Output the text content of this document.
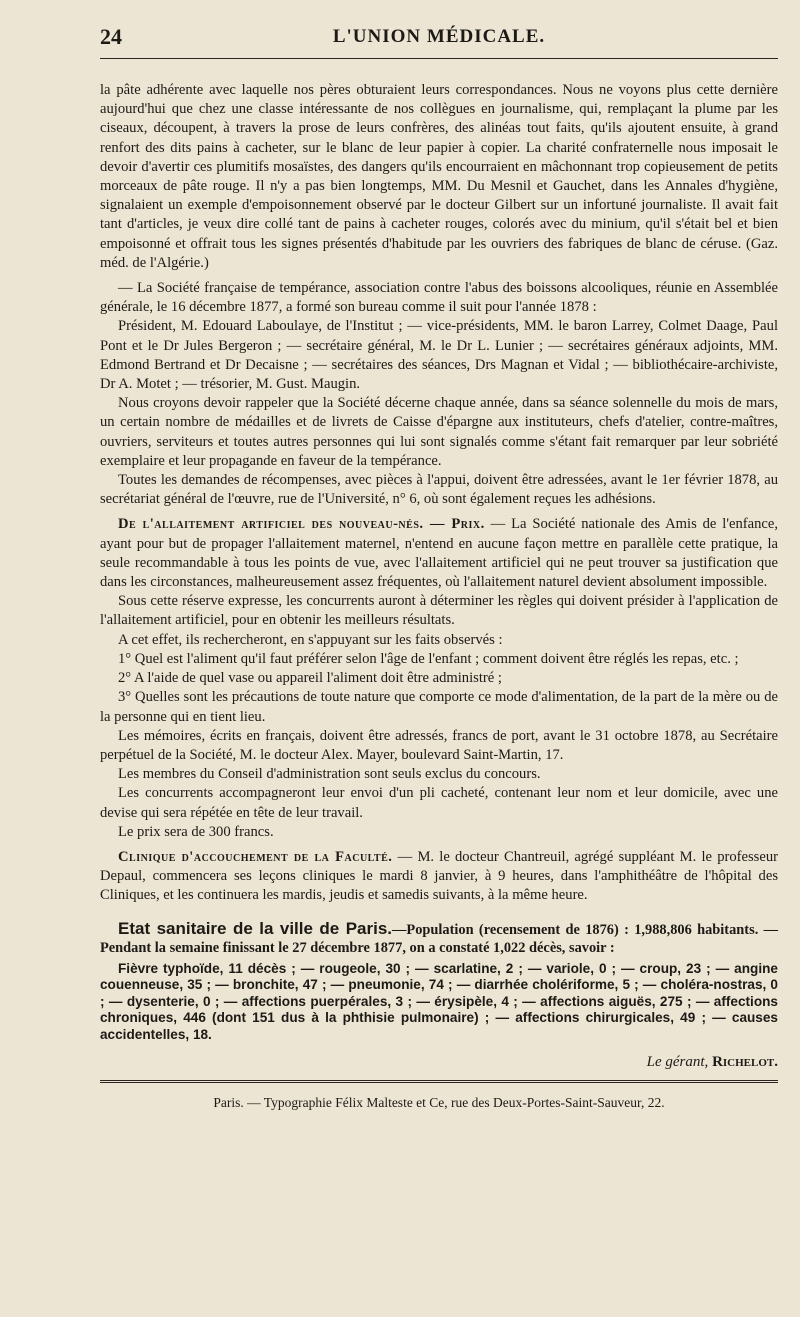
24	L'UNION MÉDICALE.

la pâte adhérente avec laquelle nos pères obturaient leurs correspondances. Nous ne voyons plus cette dernière aujourd'hui que chez une classe intéressante de nos collègues en journalisme, qui, remplaçant la plume par les ciseaux, découpent, à travers la prose de leurs confrères, des alinéas tout faits, qu'ils ajoutent ensuite, à grand renfort des dits pains à cacheter, sur le blanc de leur papier à copier. La charité confraternelle nous imposait le devoir d'avertir ces plumitifs mosaïstes, des dangers qu'ils encourraient en mâchonnant trop copieusement de petits morceaux de pâte rouge. Il n'y a pas bien longtemps, MM. Du Mesnil et Gauchet, dans les Annales d'hygiène, signalaient un exemple d'empoisonnement observé par le docteur Gilbert sur un infortuné journaliste. Il avait fait tant d'articles, je veux dire collé tant de pains à cacheter rouges, colorés avec du minium, qu'il s'était bel et bien empoisonné et offrait tous les signes présentés d'habitude par les ouvriers des fabriques de blanc de céruse. (Gaz. méd. de l'Algérie.)

— La Société française de tempérance, association contre l'abus des boissons alcooliques, réunie en Assemblée générale, le 16 décembre 1877, a formé son bureau comme il suit pour l'année 1878 :

Président, M. Edouard Laboulaye, de l'Institut ; — vice-présidents, MM. le baron Larrey, Colmet Daage, Paul Pont et le Dr Jules Bergeron ; — secrétaire général, M. le Dr L. Lunier ; — secrétaires généraux adjoints, MM. Edmond Bertrand et Dr Decaisne ; — secrétaires des séances, Drs Magnan et Vidal ; — bibliothécaire-archiviste, Dr A. Motet ; — trésorier, M. Gust. Maugin.

Nous croyons devoir rappeler que la Société décerne chaque année, dans sa séance solennelle du mois de mars, un certain nombre de médailles et de livrets de Caisse d'épargne aux instituteurs, chefs d'atelier, contre-maîtres, ouvriers, serviteurs et toutes autres personnes qui lui sont signalés comme s'étant fait remarquer par leur sobriété exemplaire et leur propagande en faveur de la tempérance.

Toutes les demandes de récompenses, avec pièces à l'appui, doivent être adressées, avant le 1er février 1878, au secrétariat général de l'œuvre, rue de l'Université, n° 6, où sont également reçues les adhésions.

De l'allaitement artificiel des nouveau-nés. — Prix. — La Société nationale des Amis de l'enfance, ayant pour but de propager l'allaitement maternel, n'entend en aucune façon mettre en parallèle cette pratique, la seule recommandable à tous les points de vue, avec l'allaitement artificiel qui ne peut trouver sa justification que dans les circonstances, malheureusement assez fréquentes, où l'allaitement naturel devient absolument impossible.

Sous cette réserve expresse, les concurrents auront à déterminer les règles qui doivent présider à l'application de l'allaitement artificiel, pour en obtenir les meilleurs résultats.

A cet effet, ils rechercheront, en s'appuyant sur les faits observés :

1° Quel est l'aliment qu'il faut préférer selon l'âge de l'enfant ; comment doivent être réglés les repas, etc. ;

2° A l'aide de quel vase ou appareil l'aliment doit être administré ;

3° Quelles sont les précautions de toute nature que comporte ce mode d'alimentation, de la part de la mère ou de la personne qui en tient lieu.

Les mémoires, écrits en français, doivent être adressés, francs de port, avant le 31 octobre 1878, au Secrétaire perpétuel de la Société, M. le docteur Alex. Mayer, boulevard Saint-Martin, 17.

Les membres du Conseil d'administration sont seuls exclus du concours.

Les concurrents accompagneront leur envoi d'un pli cacheté, contenant leur nom et leur domicile, avec une devise qui sera répétée en tête de leur travail.

Le prix sera de 300 francs.

Clinique d'accouchement de la Faculté. — M. le docteur Chantreuil, agrégé suppléant M. le professeur Depaul, commencera ses leçons cliniques le mardi 8 janvier, à 9 heures, dans l'amphithéâtre de l'hôpital des Cliniques, et les continuera les mardis, jeudis et samedis suivants, à la même heure.

Etat sanitaire de la ville de Paris.—Population (recensement de 1876) : 1,988,806 habitants. — Pendant la semaine finissant le 27 décembre 1877, on a constaté 1,022 décès, savoir :

Fièvre typhoïde, 11 décès ; — rougeole, 30 ; — scarlatine, 2 ; — variole, 0 ; — croup, 23 ; — angine couenneuse, 35 ; — bronchite, 47 ; — pneumonie, 74 ; — diarrhée cholériforme, 5 ; — choléra-nostras, 0 ; — dysenterie, 0 ; — affections puerpérales, 3 ; — érysipèle, 4 ; — affections aiguës, 275 ; — affections chroniques, 446 (dont 151 dus à la phthisie pulmonaire) ; — affections chirurgicales, 49 ; — causes accidentelles, 18.

Le gérant, Richelot.
Paris. — Typographie Félix Malteste et Ce, rue des Deux-Portes-Saint-Sauveur, 22.
